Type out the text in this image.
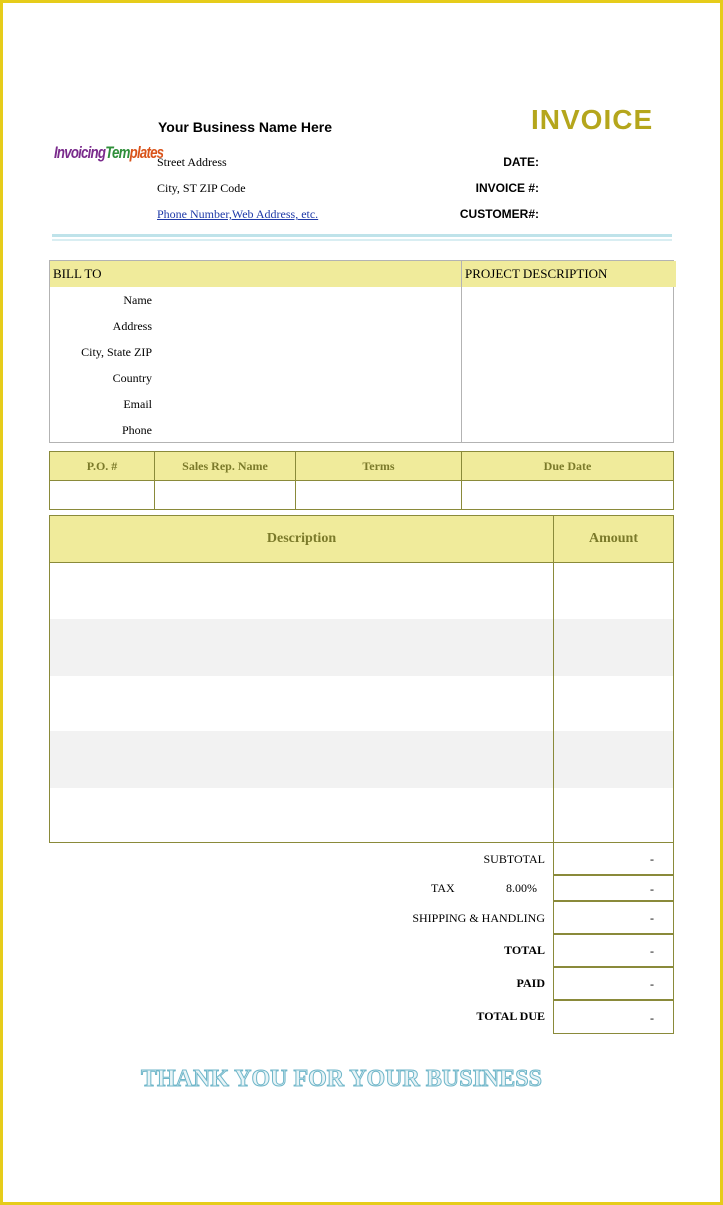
InvoicingTemplates
Your Business Name Here
Street Address
City, ST ZIP Code
Phone Number,Web Address, etc.
INVOICE
DATE:
INVOICE #:
CUSTOMER#:
BILL TO	PROJECT DESCRIPTION
Name
Address
City, State ZIP
Country
Email
Phone
P.O. #	Sales Rep. Name	Terms	Due Date
Description	Amount
SUBTOTAL	-
TAX	8.00%	-
SHIPPING & HANDLING	-
TOTAL	-
PAID	-
TOTAL DUE	-
THANK YOU FOR YOUR BUSINESS
